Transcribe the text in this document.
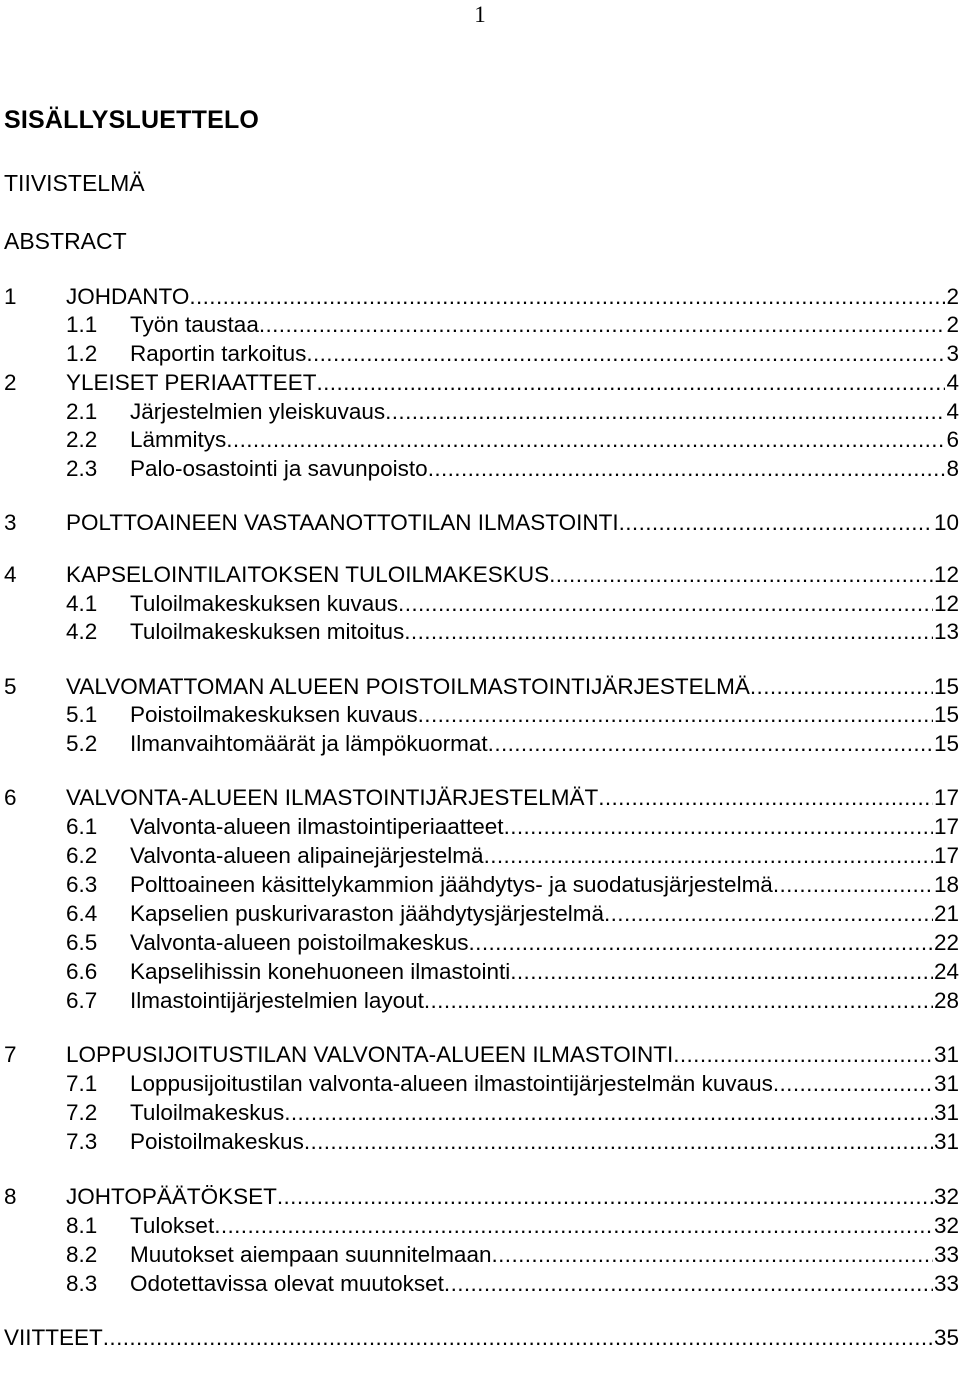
1
SISÄLLYSLUETTELO
TIIVISTELMÄ
ABSTRACT
1 JOHDANTO .....	2
1.1 Työn taustaa .....	2
1.2 Raportin tarkoitus .....	3
2 YLEISET PERIAATTEET .....	4
2.1 Järjestelmien yleiskuvaus .....	4
2.2 Lämmitys .....	6
2.3 Palo-osastointi ja savunpoisto .....	8
3 POLTTOAINEEN VASTAANOTTOTILAN ILMASTOINTI .....	10
4 KAPSELOINTILAITOKSEN TULOILMAKESKUS .....	12
4.1 Tuloilmakeskuksen kuvaus .....	12
4.2 Tuloilmakeskuksen mitoitus .....	13
5 VALVOMATTOMAN ALUEEN POISTOILMASTOINTIJÄRJESTELMÄ .....	15
5.1 Poistoilmakeskuksen kuvaus .....	15
5.2 Ilmanvaihtomäärät ja lämpökuormat .....	15
6 VALVONTA-ALUEEN ILMASTOINTIJÄRJESTELMÄT .....	17
6.1 Valvonta-alueen ilmastointiperiaatteet .....	17
6.2 Valvonta-alueen alipainejärjestelmä .....	17
6.3 Polttoaineen käsittelykammion jäähdytys- ja suodatusjärjestelmä .....	18
6.4 Kapselien puskurivaraston jäähdytysjärjestelmä .....	21
6.5 Valvonta-alueen poistoilmakeskus .....	22
6.6 Kapselihissin konehuoneen ilmastointi .....	24
6.7 Ilmastointijärjestelmien layout .....	28
7 LOPPUSIJOITUSTILAN VALVONTA-ALUEEN ILMASTOINTI .....	31
7.1 Loppusijoitustilan valvonta-alueen ilmastointijärjestelmän kuvaus .....	31
7.2 Tuloilmakeskus .....	31
7.3 Poistoilmakeskus .....	31
8 JOHTOPÄÄTÖKSET .....	32
8.1 Tulokset .....	32
8.2 Muutokset aiempaan suunnitelmaan .....	33
8.3 Odotettavissa olevat muutokset .....	33
VIITTEET .....	35
